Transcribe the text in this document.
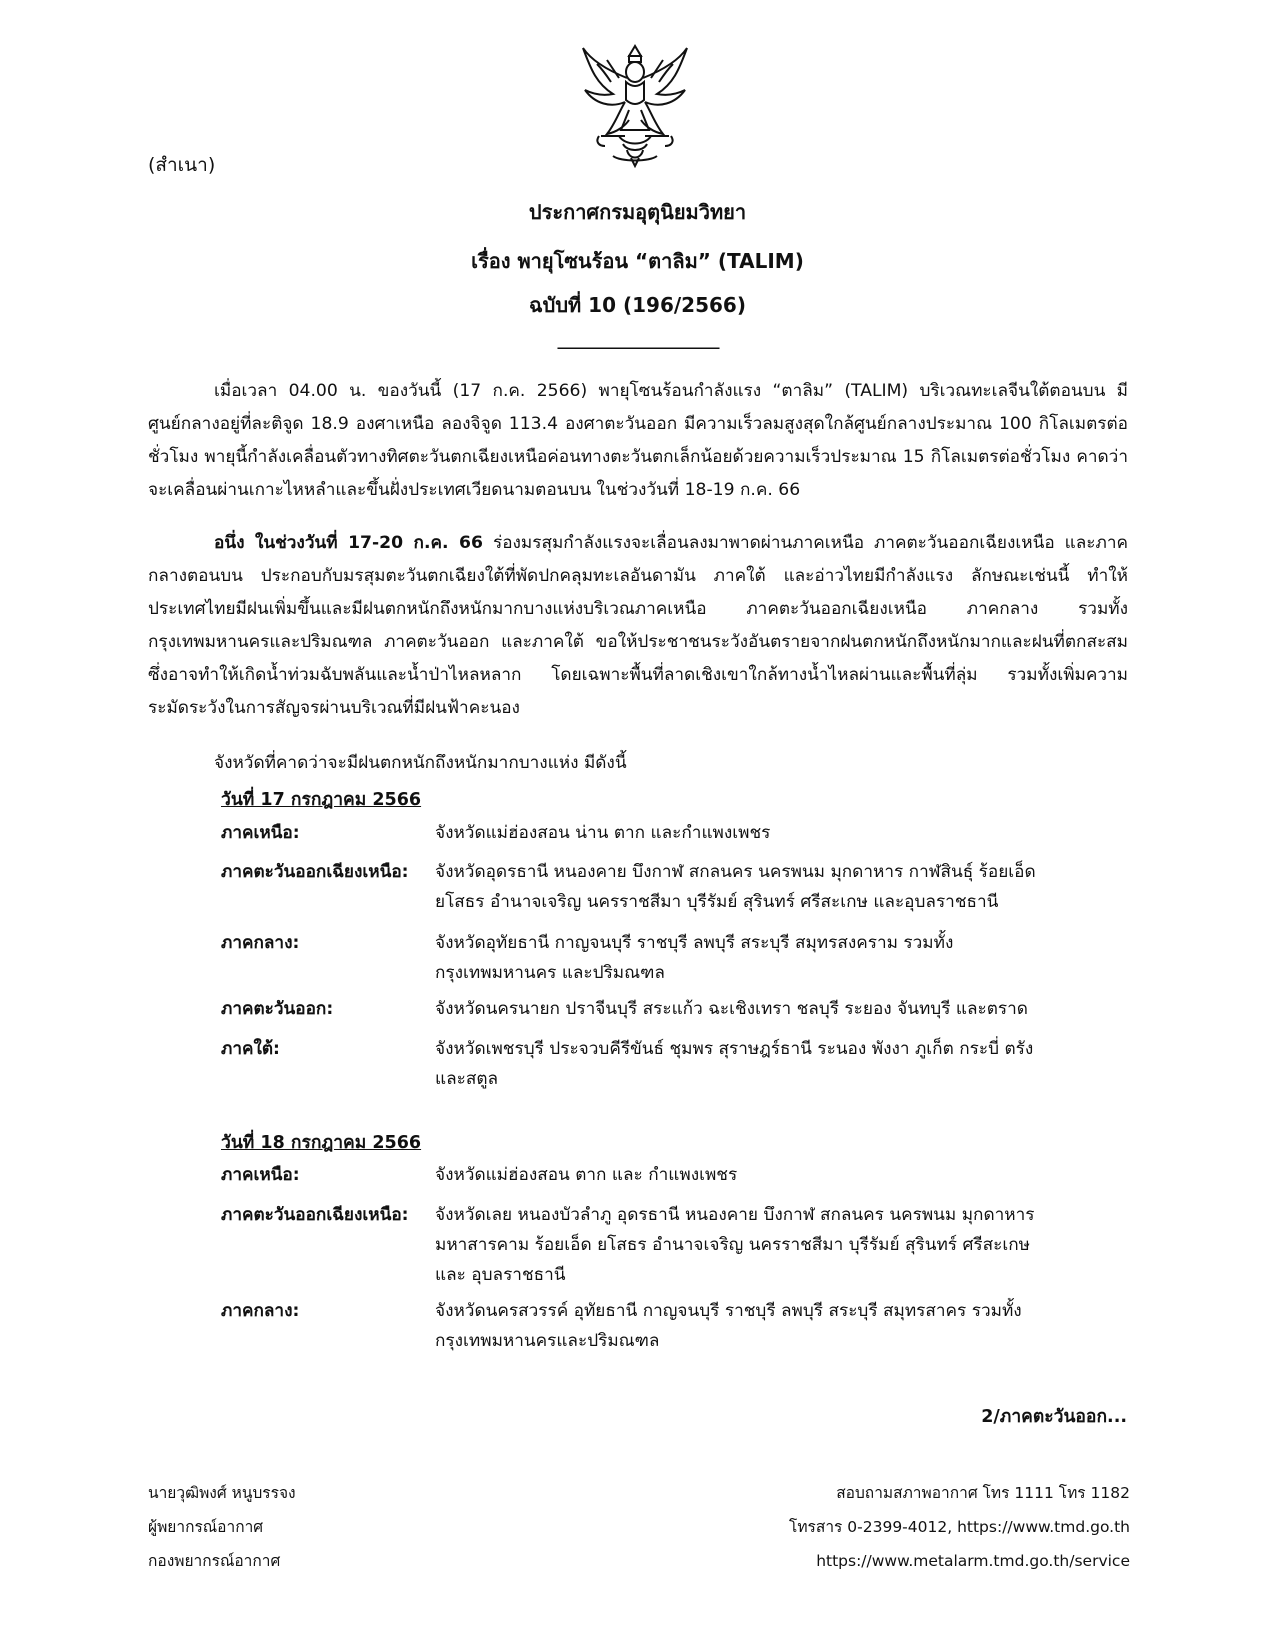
(สำเนา)
ประกาศกรมอุตุนิยมวิทยา
เรื่อง พายุโซนร้อน “ตาลิม” (TALIM)
ฉบับที่ 10 (196/2566)
—————————
เมื่อเวลา 04.00 น. ของวันนี้ (17 ก.ค. 2566) พายุโซนร้อนกำลังแรง “ตาลิม” (TALIM) บริเวณทะเลจีนใต้ตอนบน มีศูนย์กลางอยู่ที่ละติจูด 18.9 องศาเหนือ ลองจิจูด 113.4 องศาตะวันออก มีความเร็วลมสูงสุดใกล้ศูนย์กลางประมาณ 100 กิโลเมตรต่อชั่วโมง พายุนี้กำลังเคลื่อนตัวทางทิศตะวันตกเฉียงเหนือค่อนทางตะวันตกเล็กน้อยด้วยความเร็วประมาณ 15 กิโลเมตรต่อชั่วโมง คาดว่าจะเคลื่อนผ่านเกาะไหหลำและขึ้นฝั่งประเทศเวียดนามตอนบน ในช่วงวันที่ 18-19 ก.ค. 66
อนึ่ง ในช่วงวันที่ 17-20 ก.ค. 66 ร่องมรสุมกำลังแรงจะเลื่อนลงมาพาดผ่านภาคเหนือ ภาคตะวันออกเฉียงเหนือ และภาคกลางตอนบน ประกอบกับมรสุมตะวันตกเฉียงใต้ที่พัดปกคลุมทะเลอันดามัน ภาคใต้ และอ่าวไทยมีกำลังแรง ลักษณะเช่นนี้ ทำให้ประเทศไทยมีฝนเพิ่มขึ้นและมีฝนตกหนักถึงหนักมากบางแห่งบริเวณภาคเหนือ ภาคตะวันออกเฉียงเหนือ ภาคกลาง รวมทั้งกรุงเทพมหานครและปริมณฑล ภาคตะวันออก และภาคใต้ ขอให้ประชาชนระวังอันตรายจากฝนตกหนักถึงหนักมากและฝนที่ตกสะสมซึ่งอาจทำให้เกิดน้ำท่วมฉับพลันและน้ำป่าไหลหลาก โดยเฉพาะพื้นที่ลาดเชิงเขาใกล้ทางน้ำไหลผ่านและพื้นที่ลุ่ม รวมทั้งเพิ่มความระมัดระวังในการสัญจรผ่านบริเวณที่มีฝนฟ้าคะนอง
จังหวัดที่คาดว่าจะมีฝนตกหนักถึงหนักมากบางแห่ง มีดังนี้
วันที่ 17 กรกฎาคม 2566
ภาคเหนือ:	จังหวัดแม่ฮ่องสอน น่าน ตาก และกำแพงเพชร
ภาคตะวันออกเฉียงเหนือ:	จังหวัดอุดรธานี หนองคาย บึงกาฬ สกลนคร นครพนม มุกดาหาร กาฬสินธุ์ ร้อยเอ็ด ยโสธร อำนาจเจริญ นครราชสีมา บุรีรัมย์ สุรินทร์ ศรีสะเกษ และอุบลราชธานี
ภาคกลาง:	จังหวัดอุทัยธานี กาญจนบุรี ราชบุรี ลพบุรี สระบุรี สมุทรสงคราม รวมทั้งกรุงเทพมหานคร และปริมณฑล
ภาคตะวันออก:	จังหวัดนครนายก ปราจีนบุรี สระแก้ว ฉะเชิงเทรา ชลบุรี ระยอง จันทบุรี และตราด
ภาคใต้:	จังหวัดเพชรบุรี ประจวบคีรีขันธ์ ชุมพร สุราษฎร์ธานี ระนอง พังงา ภูเก็ต กระบี่ ตรัง และสตูล
วันที่ 18 กรกฎาคม 2566
ภาคเหนือ:	จังหวัดแม่ฮ่องสอน ตาก และ กำแพงเพชร
ภาคตะวันออกเฉียงเหนือ:	จังหวัดเลย หนองบัวลำภู อุดรธานี หนองคาย บึงกาฬ สกลนคร นครพนม มุกดาหาร มหาสารคาม ร้อยเอ็ด ยโสธร อำนาจเจริญ นครราชสีมา บุรีรัมย์ สุรินทร์ ศรีสะเกษ และ อุบลราชธานี
ภาคกลาง:	จังหวัดนครสวรรค์ อุทัยธานี กาญจนบุรี ราชบุรี ลพบุรี สระบุรี สมุทรสาคร รวมทั้งกรุงเทพมหานครและปริมณฑล
2/ภาคตะวันออก...
นายวุฒิพงศ์ หนูบรรจง
ผู้พยากรณ์อากาศ
กองพยากรณ์อากาศ
สอบถามสภาพอากาศ โทร 1111 โทร 1182
โทรสาร 0-2399-4012, https://www.tmd.go.th
https://www.metalarm.tmd.go.th/service
